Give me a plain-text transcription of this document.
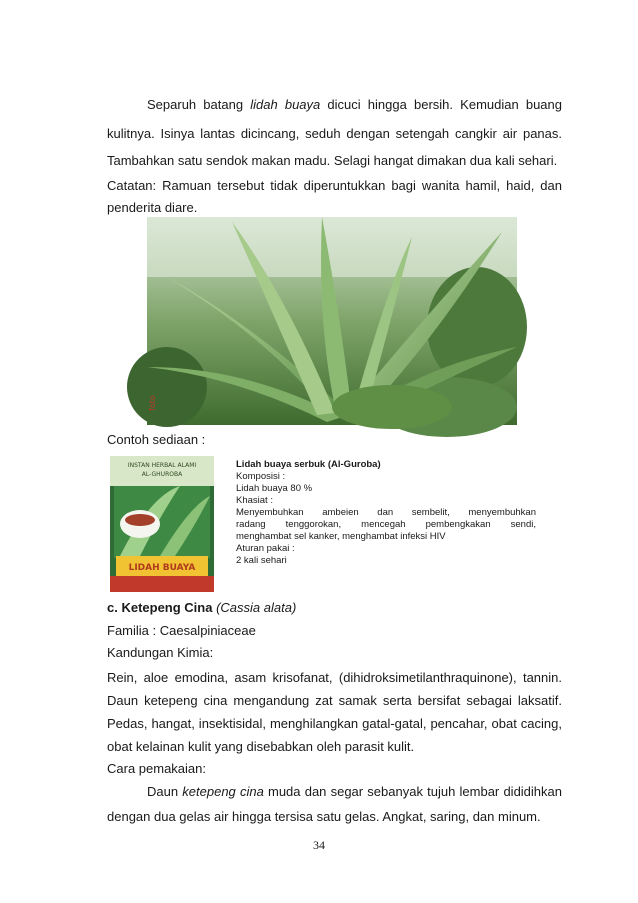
Separuh batang lidah buaya dicuci hingga bersih. Kemudian buang
kulitnya. Isinya lantas dicincang, seduh dengan setengah cangkir air panas.
Tambahkan satu sendok makan madu. Selagi hangat dimakan dua kali sehari.
Catatan: Ramuan tersebut tidak diperuntukkan bagi wanita hamil, haid, dan
penderita diare.
foto
Contoh sediaan :
INSTAN HERBAL ALAMI
AL-GHUROBA
LIDAH BUAYA
Lidah buaya serbuk (Al-Guroba)
Komposisi :
Lidah buaya 80 %
Khasiat :
Menyembuhkan ambeien dan sembelit, menyembuhkan
radang tenggorokan, mencegah pembengkakan sendi,
menghambat sel kanker, menghambat infeksi HIV
Aturan pakai :
2 kali sehari
c. Ketepeng Cina (Cassia alata)
Familia : Caesalpiniaceae
Kandungan Kimia:
Rein, aloe emodina, asam krisofanat, (dihidroksimetilanthraquinone), tannin.
Daun ketepeng cina mengandung zat samak serta bersifat sebagai laksatif.
Pedas, hangat, insektisidal, menghilangkan gatal-gatal, pencahar, obat cacing,
obat kelainan kulit yang disebabkan oleh parasit kulit.
Cara pemakaian:
Daun ketepeng cina muda dan segar sebanyak tujuh lembar dididihkan
dengan dua gelas air hingga tersisa satu gelas. Angkat, saring, dan minum.
34
